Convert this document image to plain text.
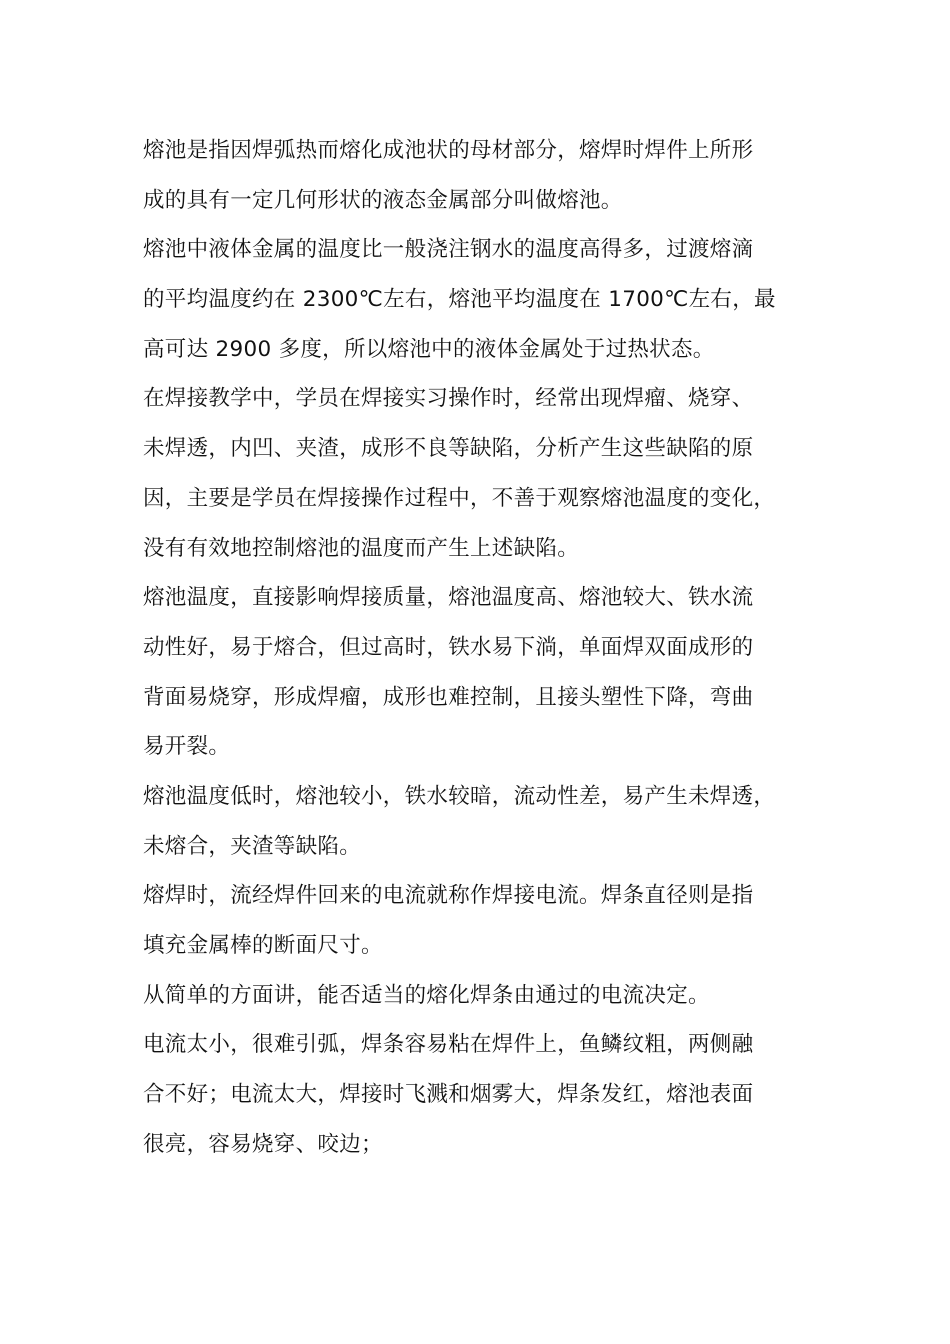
熔池是指因焊弧热而熔化成池状的母材部分，熔焊时焊件上所形
成的具有一定几何形状的液态金属部分叫做熔池。

熔池中液体金属的温度比一般浇注钢水的温度高得多，过渡熔滴
的平均温度约在 2300℃左右，熔池平均温度在 1700℃左右，最
高可达 2900 多度，所以熔池中的液体金属处于过热状态。

在焊接教学中，学员在焊接实习操作时，经常出现焊瘤、烧穿、
未焊透，内凹、夹渣，成形不良等缺陷，分析产生这些缺陷的原
因，主要是学员在焊接操作过程中，不善于观察熔池温度的变化，
没有有效地控制熔池的温度而产生上述缺陷。

熔池温度，直接影响焊接质量，熔池温度高、熔池较大、铁水流
动性好，易于熔合，但过高时，铁水易下淌，单面焊双面成形的
背面易烧穿，形成焊瘤，成形也难控制，且接头塑性下降，弯曲
易开裂。

熔池温度低时，熔池较小，铁水较暗，流动性差，易产生未焊透，
未熔合，夹渣等缺陷。

熔焊时，流经焊件回来的电流就称作焊接电流。焊条直径则是指
填充金属棒的断面尺寸。

从简单的方面讲，能否适当的熔化焊条由通过的电流决定。

电流太小，很难引弧，焊条容易粘在焊件上，鱼鳞纹粗，两侧融
合不好；电流太大，焊接时飞溅和烟雾大，焊条发红，熔池表面
很亮，容易烧穿、咬边；
